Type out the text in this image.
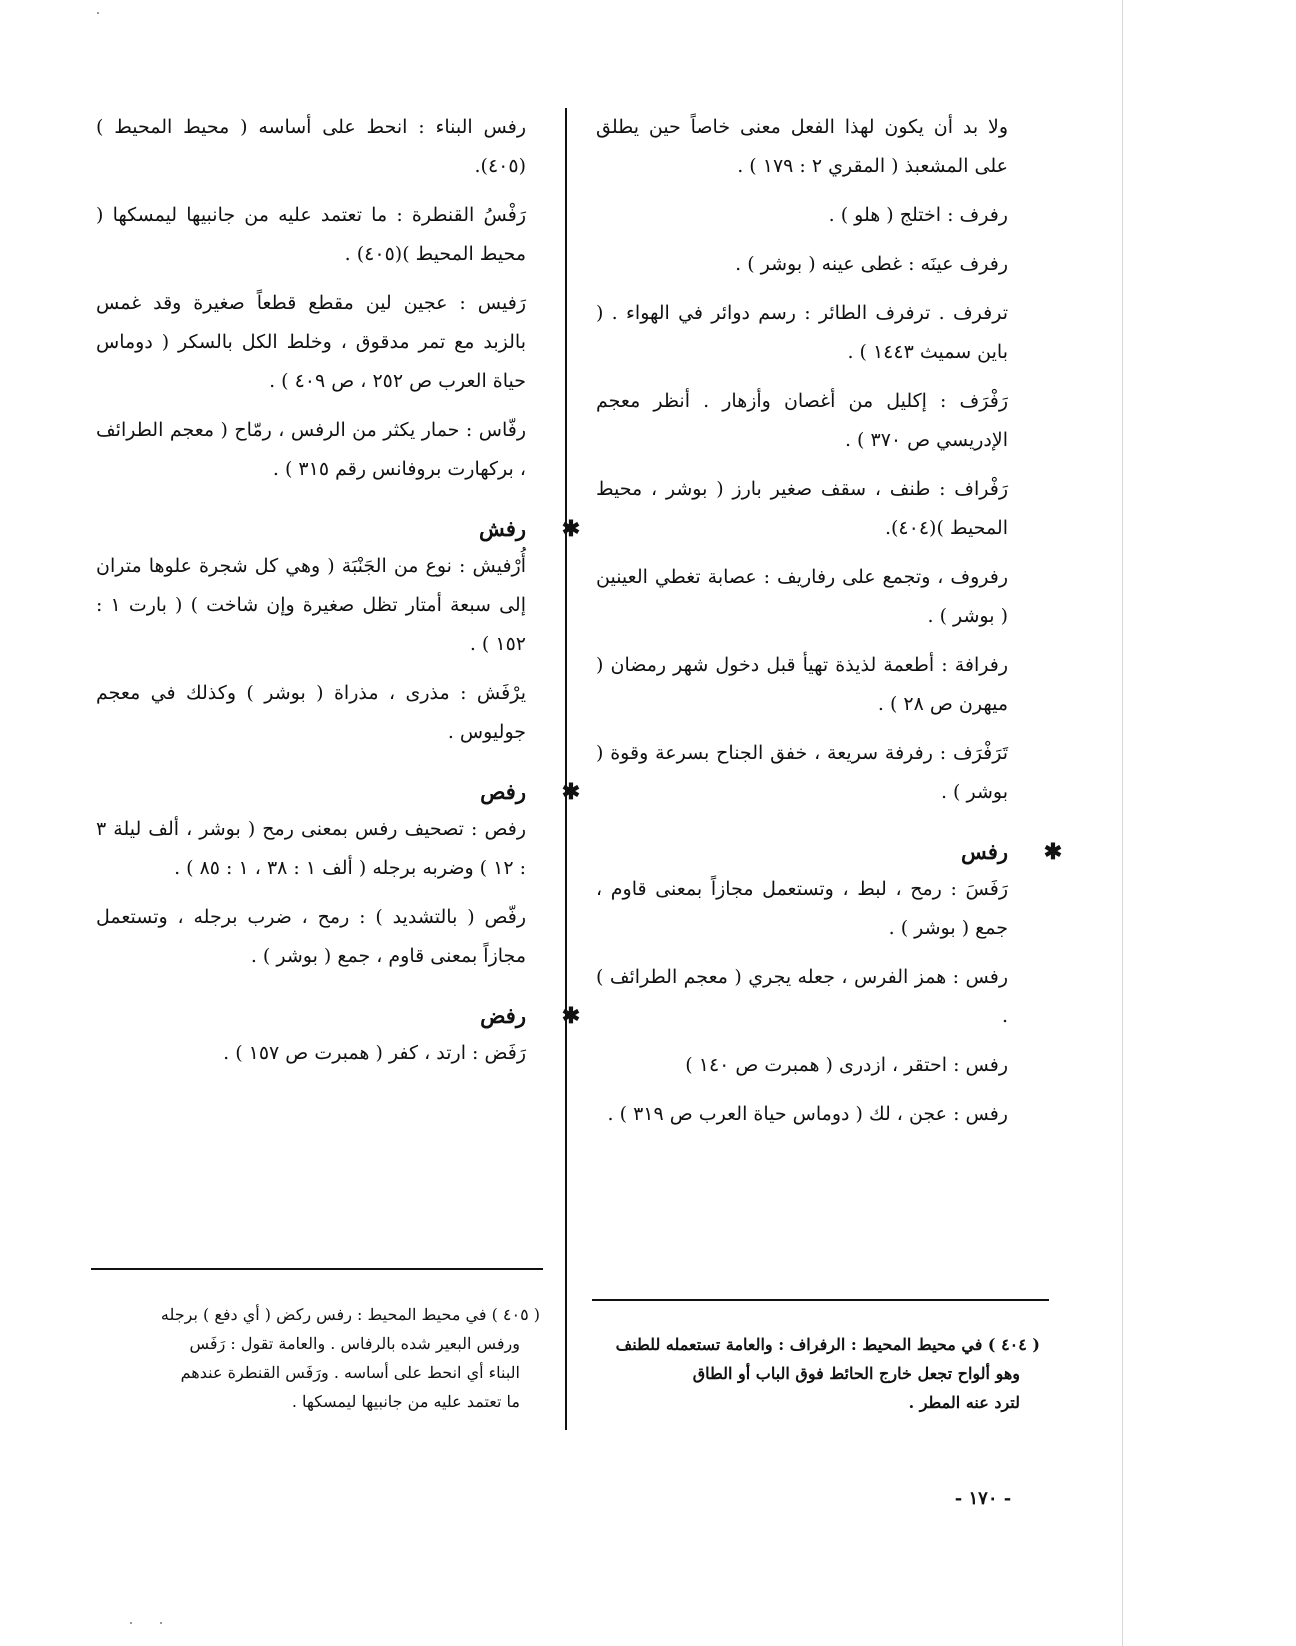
ولا بد أن يكون لهذا الفعل معنى خاصاً حين يطلق على المشعبذ ( المقري ٢ : ١٧٩ ) .

رفرف : اختلج ( هلو ) .

رفرف عينَه : غطى عينه ( بوشر ) .

ترفرف . ترفرف الطائر : رسم دوائر في الهواء . ( باين سميث ١٤٤٣ ) .

رَفْرَف : إكليل من أغصان وأزهار . أنظر معجم الإدريسي ص ٣٧٠ ) .

رَفْراف : طنف ، سقف صغير بارز ( بوشر ، محيط المحيط )(٤٠٤).

رفروف ، وتجمع على رفاريف : عصابة تغطي العينين ( بوشر ) .

رفرافة : أطعمة لذيذة تهيأ قبل دخول شهر رمضان ( ميهرن ص ٢٨ ) .

تَرَفْرَف : رفرفة سريعة ، خفق الجناح بسرعة وقوة ( بوشر ) .

✱رفس

رَفَسَ : رمح ، لبط ، وتستعمل مجازاً بمعنى قاوم ، جمع ( بوشر ) .

رفس : همز الفرس ، جعله يجري ( معجم الطرائف ) .

رفس : احتقر ، ازدرى ( همبرت ص ١٤٠ )

رفس : عجن ، لك ( دوماس حياة العرب ص ٣١٩ ) .

رفس البناء : انحط على أساسه ( محيط المحيط )(٤٠٥).

رَفْسُ القنطرة : ما تعتمد عليه من جانبيها ليمسكها ( محيط المحيط )(٤٠٥) .

رَفيس : عجين لين مقطع قطعاً صغيرة وقد غمس بالزبد مع تمر مدقوق ، وخلط الكل بالسكر ( دوماس حياة العرب ص ٢٥٢ ، ص ٤٠٩ ) .

رفّاس : حمار يكثر من الرفس ، رمّاح ( معجم الطرائف ، بركهارت بروفانس رقم ٣١٥ ) .

✱رفش

أُرْفيش : نوع من الجَنْبَة ( وهي كل شجرة علوها متران إلى سبعة أمتار تظل صغيرة وإن شاخت ) ( بارت ١ : ١٥٢ ) .

يرْفَش : مذرى ، مذراة ( بوشر ) وكذلك في معجم جوليوس .

✱رفص

رفص : تصحيف رفس بمعنى رمح ( بوشر ، ألف ليلة ٣ : ١٢ ) وضربه برجله ( ألف ١ : ٣٨ ، ١ : ٨٥ ) .

رفّص ( بالتشديد ) : رمح ، ضرب برجله ، وتستعمل مجازاً بمعنى قاوم ، جمع ( بوشر ) .

✱رفض

رَفَض : ارتد ، كفر ( همبرت ص ١٥٧ ) .

( ٤٠٥ ) في محيط المحيط : رفس ركض ( أي دفع ) برجله
ورفس البعير شده بالرفاس . والعامة تقول : رَفَس
البناء أي انحط على أساسه . ورَفَس القنطرة عندهم
ما تعتمد عليه من جانبيها ليمسكها .
( ٤٠٤ ) في محيط المحيط : الرفراف : والعامة تستعمله للطنف
وهو ألواح تجعل خارج الحائط فوق الباب أو الطاق
لترد عنه المطر .
- ١٧٠ -
